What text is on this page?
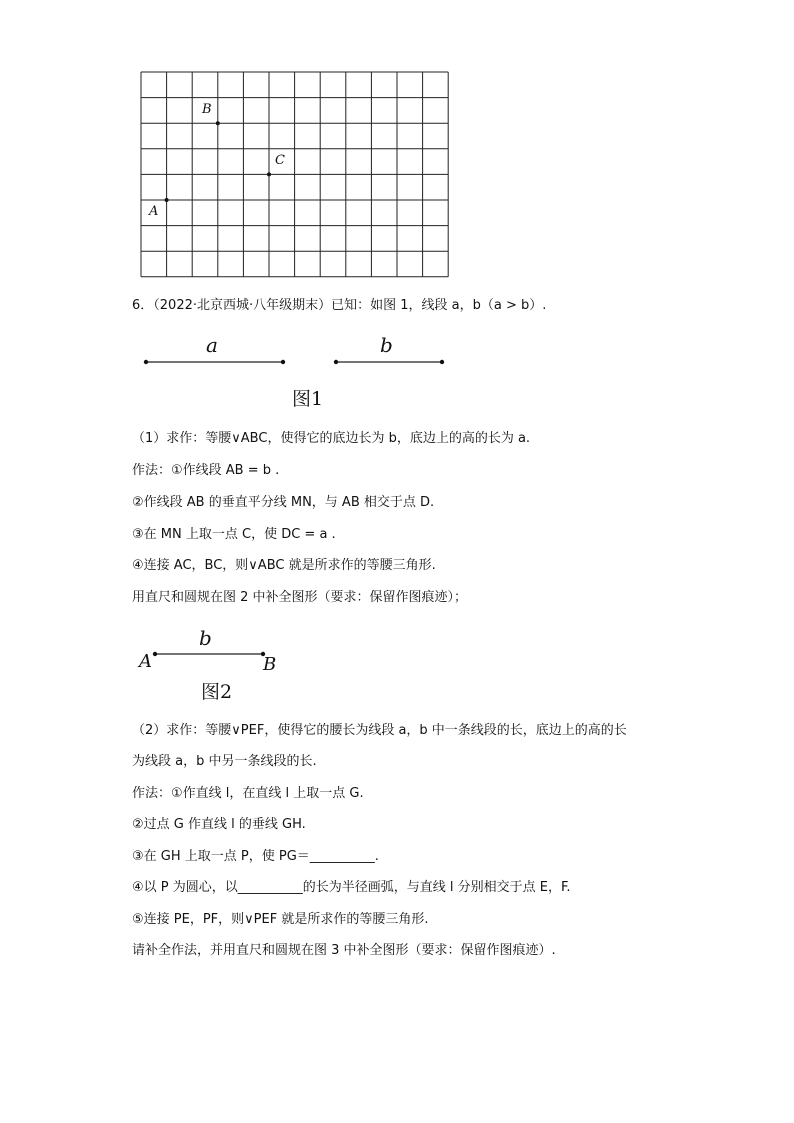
B
C
A
6．（2022·北京西城·八年级期末）已知：如图 1，线段 a，b（a > b）.
a	b
图1
（1）求作：等腰∨ABC，使得它的底边长为 b，底边上的高的长为 a.
作法：①作线段 AB = b .
②作线段 AB 的垂直平分线 MN，与 AB 相交于点 D.
③在 MN 上取一点 C，使 DC = a .
④连接 AC，BC，则∨ABC 就是所求作的等腰三角形.
用直尺和圆规在图 2 中补全图形（要求：保留作图痕迹）；
b
A	B
图2
（2）求作：等腰∨PEF，使得它的腰长为线段 a，b 中一条线段的长，底边上的高的长
为线段 a，b 中另一条线段的长.
作法：①作直线 l，在直线 l 上取一点 G.
②过点 G 作直线 l 的垂线 GH.
③在 GH 上取一点 P，使 PG＝__________.
④以 P 为圆心，以__________的长为半径画弧，与直线 l 分别相交于点 E，F.
⑤连接 PE，PF，则∨PEF 就是所求作的等腰三角形.
请补全作法，并用直尺和圆规在图 3 中补全图形（要求：保留作图痕迹）.
